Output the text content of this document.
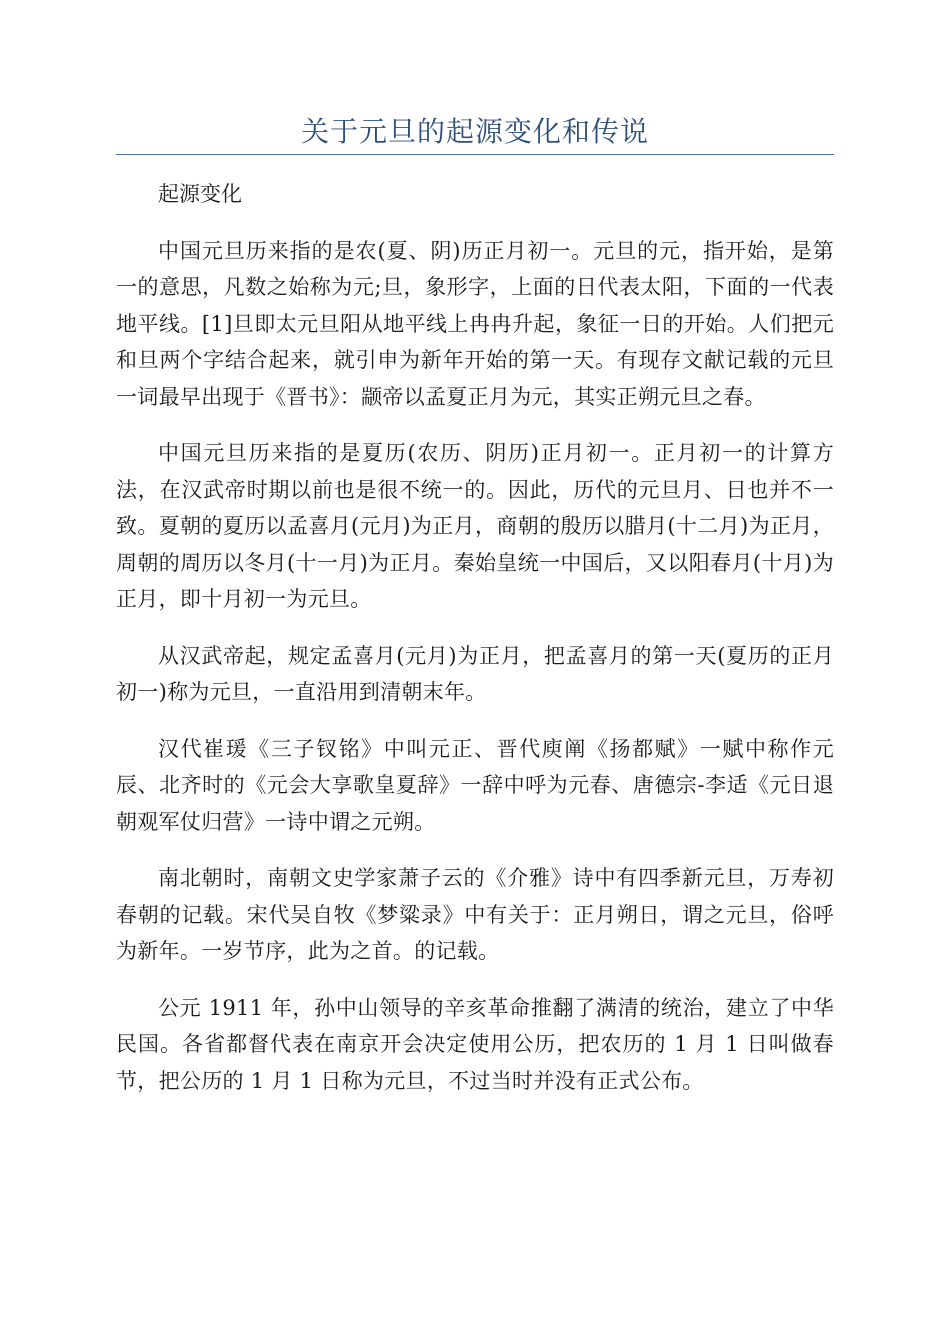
关于元旦的起源变化和传说

起源变化

中国元旦历来指的是农(夏、阴)历正月初一。元旦的元，指开始，是第一的意思，凡数之始称为元;旦，象形字，上面的日代表太阳，下面的一代表地平线。[1]旦即太元旦阳从地平线上冉冉升起，象征一日的开始。人们把元和旦两个字结合起来，就引申为新年开始的第一天。有现存文献记载的元旦一词最早出现于《晋书》：颛帝以孟夏正月为元，其实正朔元旦之春。

中国元旦历来指的是夏历(农历、阴历)正月初一。正月初一的计算方法，在汉武帝时期以前也是很不统一的。因此，历代的元旦月、日也并不一致。夏朝的夏历以孟喜月(元月)为正月，商朝的殷历以腊月(十二月)为正月，周朝的周历以冬月(十一月)为正月。秦始皇统一中国后，又以阳春月(十月)为正月，即十月初一为元旦。

从汉武帝起，规定孟喜月(元月)为正月，把孟喜月的第一天(夏历的正月初一)称为元旦，一直沿用到清朝末年。

汉代崔瑗《三子钗铭》中叫元正、晋代庾阐《扬都赋》一赋中称作元辰、北齐时的《元会大享歌皇夏辞》一辞中呼为元春、唐德宗-李适《元日退朝观军仗归营》一诗中谓之元朔。

南北朝时，南朝文史学家萧子云的《介雅》诗中有四季新元旦，万寿初春朝的记载。宋代吴自牧《梦粱录》中有关于：正月朔日，谓之元旦，俗呼为新年。一岁节序，此为之首。的记载。

公元 1911 年，孙中山领导的辛亥革命推翻了满清的统治，建立了中华民国。各省都督代表在南京开会决定使用公历，把农历的 1 月 1 日叫做春节，把公历的 1 月 1 日称为元旦，不过当时并没有正式公布。
